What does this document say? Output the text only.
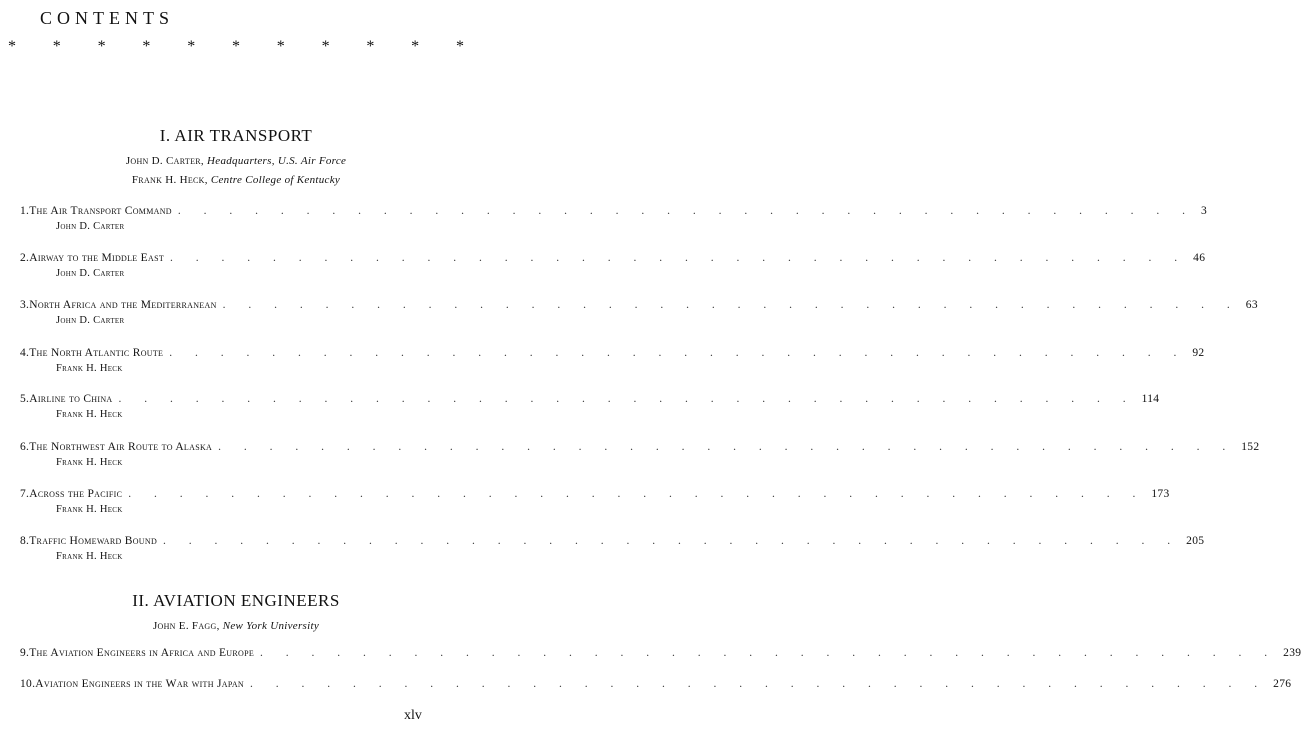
CONTENTS
* * * * * * * * * * *
I. AIR TRANSPORT
John D. Carter, Headquarters, U.S. Air Force
Frank H. Heck, Centre College of Kentucky
1. The Air Transport Command . . . . . . . . . . . . . . . . . . . . . . . . . . . . . . . . . . . . . . . . 3
John D. Carter
2. Airway to the Middle East . . . . . . . . . . . . . . . . . . . . . . . . . . . . . . . . . . . . . . . . 46
John D. Carter
3. North Africa and the Mediterranean . . . . . . . . . . . . . . . . . . . . . . . . . . . . . . . . . . . . . . . . 63
John D. Carter
4. The North Atlantic Route . . . . . . . . . . . . . . . . . . . . . . . . . . . . . . . . . . . . . . . . 92
Frank H. Heck
5. Airline to China . . . . . . . . . . . . . . . . . . . . . . . . . . . . . . . . . . . . . . . . 114
Frank H. Heck
6. The Northwest Air Route to Alaska . . . . . . . . . . . . . . . . . . . . . . . . . . . . . . . . . . . . . . . . 152
Frank H. Heck
7. Across the Pacific . . . . . . . . . . . . . . . . . . . . . . . . . . . . . . . . . . . . . . . . 173
Frank H. Heck
8. Traffic Homeward Bound . . . . . . . . . . . . . . . . . . . . . . . . . . . . . . . . . . . . . . . . 205
Frank H. Heck
II. AVIATION ENGINEERS
John E. Fagg, New York University
9. The Aviation Engineers in Africa and Europe . . . . . . . . . . . . . . . . . . . . . . . . . . . . . . . . . . . . . . . . 239
10. Aviation Engineers in the War with Japan . . . . . . . . . . . . . . . . . . . . . . . . . . . . . . . . . . . . . . . . 276
xlv
